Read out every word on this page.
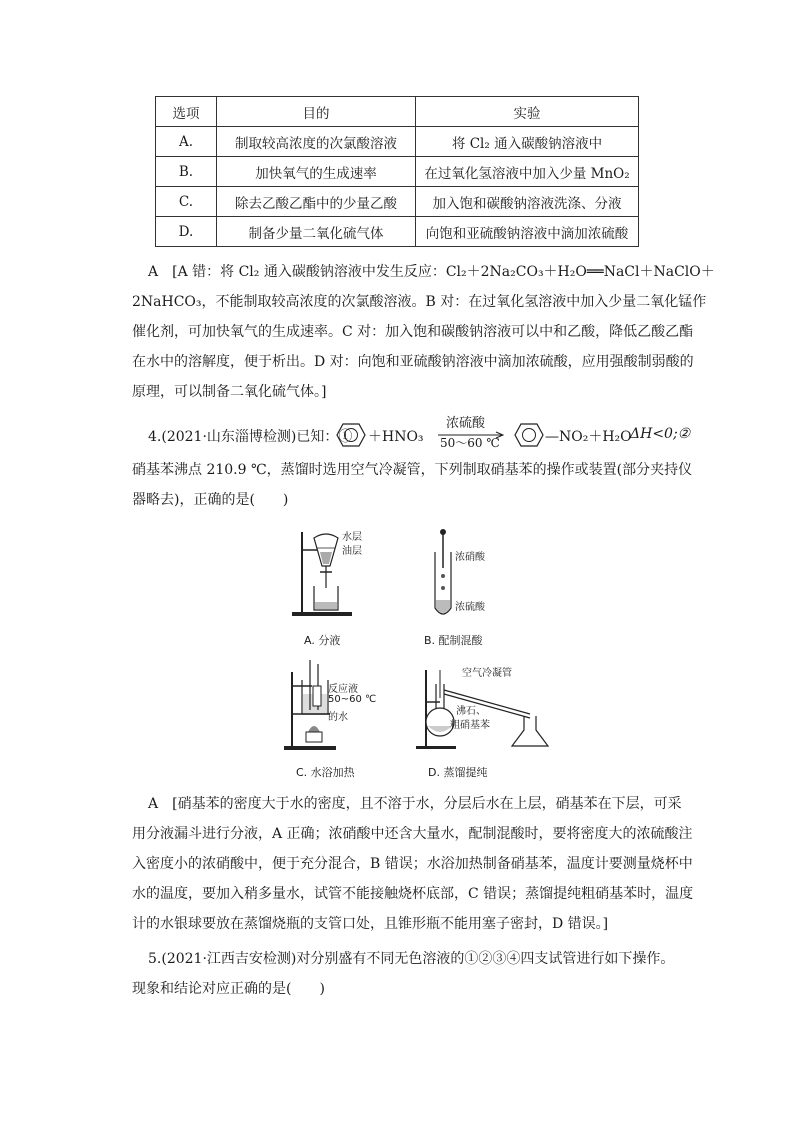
选项	目的	实验
A.	制取较高浓度的次氯酸溶液	将 Cl₂ 通入碳酸钠溶液中
B.	加快氧气的生成速率	在过氧化氢溶液中加入少量 MnO₂
C.	除去乙酸乙酯中的少量乙酸	加入饱和碳酸钠溶液洗涤、分液
D.	制备少量二氧化硫气体	向饱和亚硫酸钠溶液中滴加浓硫酸
A　[A 错：将 Cl₂ 通入碳酸钠溶液中发生反应：Cl₂＋2Na₂CO₃＋H₂O══NaCl＋NaClO＋
2NaHCO₃，不能制取较高浓度的次氯酸溶液。B 对：在过氧化氢溶液中加入少量二氧化锰作
催化剂，可加快氧气的生成速率。C 对：加入饱和碳酸钠溶液可以中和乙酸，降低乙酸乙酯
在水中的溶解度，便于析出。D 对：向饱和亚硫酸钠溶液中滴加浓硫酸，应用强酸制弱酸的
原理，可以制备二氧化硫气体。]
4.(2021·山东淄博检测)已知：① ＋HNO₃
浓硫酸
50～60 ℃	—NO₂＋H₂O
ΔH<0;②
硝基苯沸点 210.9 ℃，蒸馏时选用空气冷凝管，下列制取硝基苯的操作或装置(部分夹持仪
器略去)，正确的是(　　)
水层
油层
A. 分液
浓硝酸
浓硫酸
B. 配制混酸
反应液
50~60 ℃
的水
C. 水浴加热
空气冷凝管
沸石、
粗硝基苯
D. 蒸馏提纯
A　[硝基苯的密度大于水的密度，且不溶于水，分层后水在上层，硝基苯在下层，可采
用分液漏斗进行分液，A 正确；浓硝酸中还含大量水，配制混酸时，要将密度大的浓硫酸注
入密度小的浓硝酸中，便于充分混合，B 错误；水浴加热制备硝基苯，温度计要测量烧杯中
水的温度，要加入稍多量水，试管不能接触烧杯底部，C 错误；蒸馏提纯粗硝基苯时，温度
计的水银球要放在蒸馏烧瓶的支管口处，且锥形瓶不能用塞子密封，D 错误。]
5.(2021·江西吉安检测)对分别盛有不同无色溶液的①②③④四支试管进行如下操作。
现象和结论对应正确的是(　　)
